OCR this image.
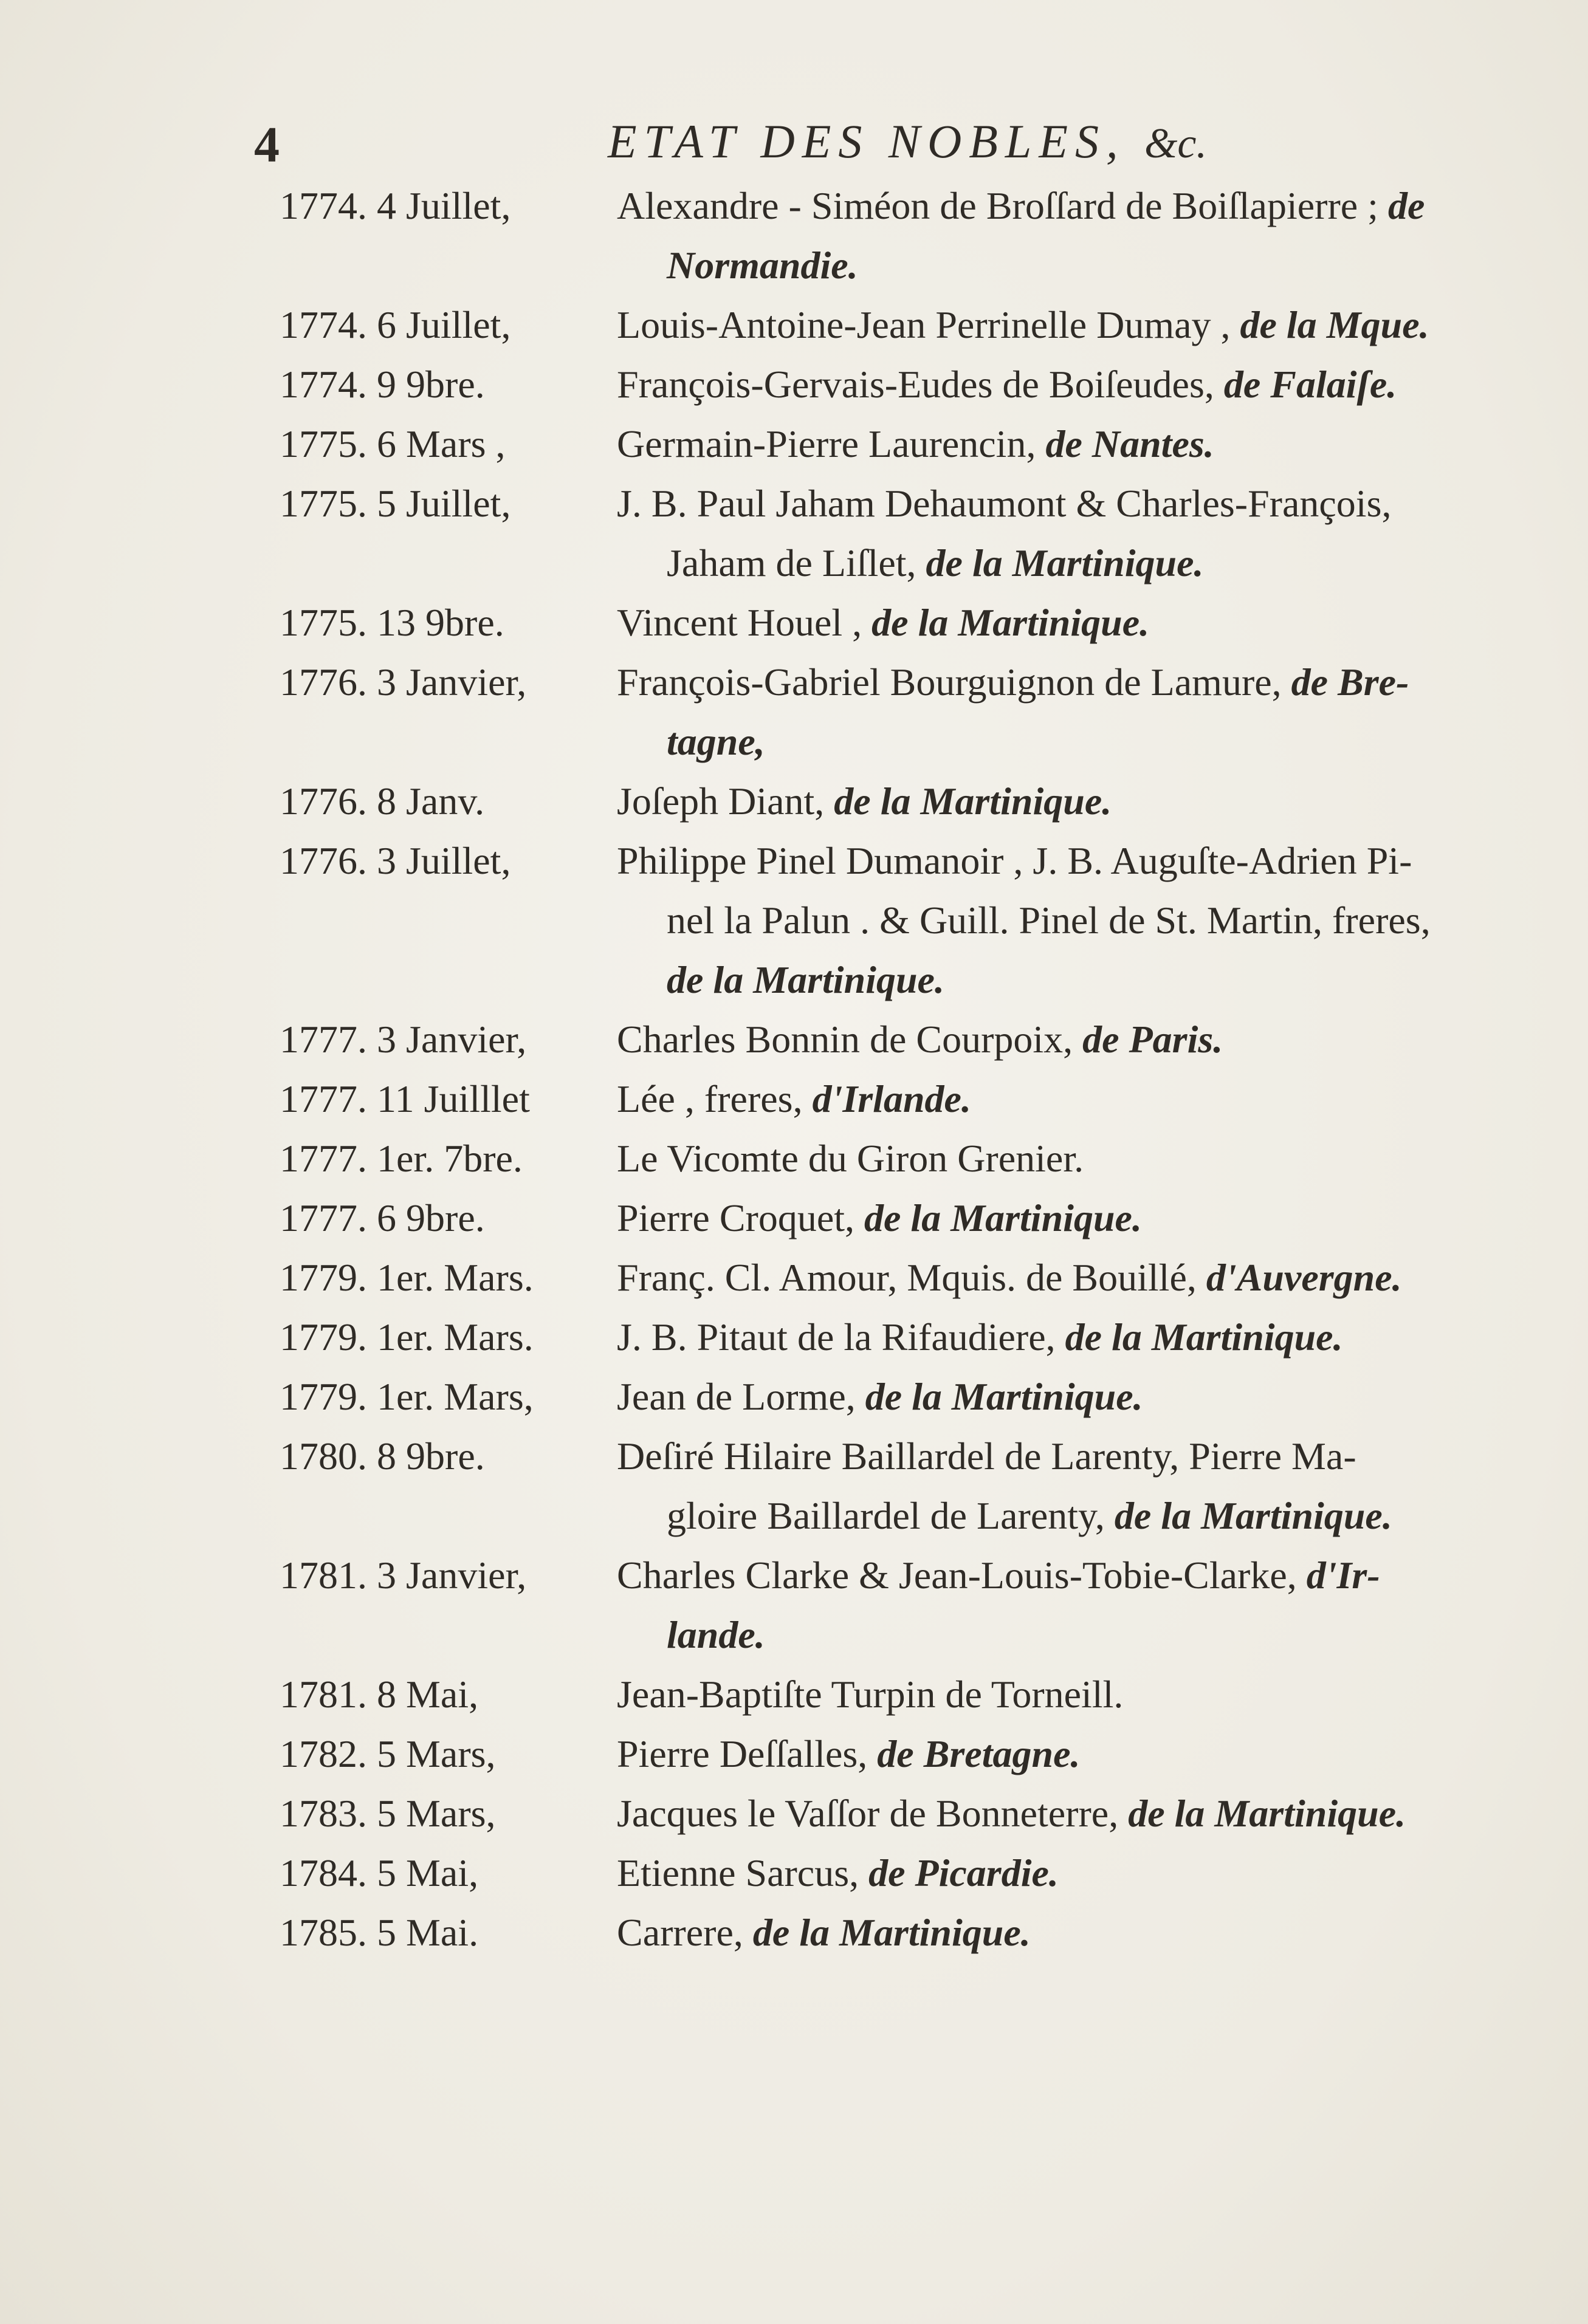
4	ETAT DES NOBLES, &c.
1774. 4 Juillet,	Alexandre - Siméon de Broſſard de Boiſlapierre ; de
Normandie.
1774. 6 Juillet,	Louis-Antoine-Jean Perrinelle Dumay , de la Mque.
1774. 9 9bre.	François-Gervais-Eudes de Boiſeudes, de Falaiſe.
1775. 6 Mars ,	Germain-Pierre Laurencin, de Nantes.
1775. 5 Juillet,	J. B. Paul Jaham Dehaumont & Charles-François,
Jaham de Liſlet, de la Martinique.
1775. 13 9bre.	Vincent Houel , de la Martinique.
1776. 3 Janvier,	François-Gabriel Bourguignon de Lamure, de Bre-
tagne,
1776. 8 Janv.	Joſeph Diant, de la Martinique.
1776. 3 Juillet,	Philippe Pinel Dumanoir , J. B. Auguſte-Adrien Pi-
nel la Palun . & Guill. Pinel de St. Martin, freres,
de la Martinique.
1777. 3 Janvier,	Charles Bonnin de Courpoix, de Paris.
1777. 11 Juilllet	Lée , freres, d'Irlande.
1777. 1er. 7bre.	Le Vicomte du Giron Grenier.
1777. 6 9bre.	Pierre Croquet, de la Martinique.
1779. 1er. Mars.	Franç. Cl. Amour, Mquis. de Bouillé, d'Auvergne.
1779. 1er. Mars.	J. B. Pitaut de la Rifaudiere, de la Martinique.
1779. 1er. Mars,	Jean de Lorme, de la Martinique.
1780. 8 9bre.	Deſiré Hilaire Baillardel de Larenty, Pierre Ma-
gloire Baillardel de Larenty, de la Martinique.
1781. 3 Janvier,	Charles Clarke & Jean-Louis-Tobie-Clarke, d'Ir-
lande.
1781. 8 Mai,	Jean-Baptiſte Turpin de Torneill.
1782. 5 Mars,	Pierre Deſſalles, de Bretagne.
1783. 5 Mars,	Jacques le Vaſſor de Bonneterre, de la Martinique.
1784. 5 Mai,	Etienne Sarcus, de Picardie.
1785. 5 Mai.	Carrere, de la Martinique.
